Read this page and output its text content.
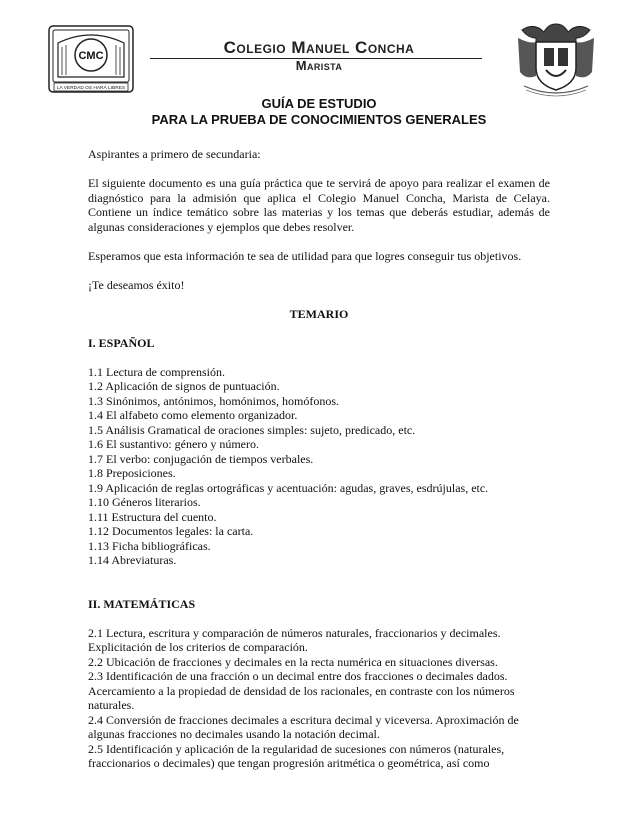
CMC
LA VERDAD OS HARÁ LIBRES
Colegio Manuel Concha
Marista
GUÍA DE ESTUDIO
PARA LA PRUEBA DE CONOCIMIENTOS GENERALES

Aspirantes a primero de secundaria:

El siguiente documento es una guía práctica que te servirá de apoyo para realizar el examen de diagnóstico para la admisión que aplica el Colegio Manuel Concha, Marista de Celaya. Contiene un índice temático sobre las materias y los temas que deberás estudiar, además de algunas consideraciones y ejemplos que debes resolver.

Esperamos que esta información te sea de utilidad para que logres conseguir tus objetivos.

¡Te deseamos éxito!

TEMARIO

I. ESPAÑOL

1.1 Lectura de comprensión.

1.2 Aplicación de signos de puntuación.

1.3 Sinónimos, antónimos, homónimos, homófonos.

1.4 El alfabeto como elemento organizador.

1.5 Análisis Gramatical de oraciones simples: sujeto, predicado, etc.

1.6 El sustantivo: género y número.

1.7 El verbo: conjugación de tiempos verbales.

1.8 Preposiciones.

1.9 Aplicación de reglas ortográficas y acentuación: agudas, graves, esdrújulas, etc.

1.10 Géneros literarios.

1.11 Estructura del cuento.

1.12 Documentos legales: la carta.

1.13 Ficha bibliográficas.

1.14 Abreviaturas.

II. MATEMÁTICAS

2.1 Lectura, escritura y comparación de números naturales, fraccionarios y decimales. Explicitación de los criterios de comparación.

2.2 Ubicación de fracciones y decimales en la recta numérica en situaciones diversas.

2.3 Identificación de una fracción o un decimal entre dos fracciones o decimales dados. Acercamiento a la propiedad de densidad de los racionales, en contraste con los números naturales.

2.4 Conversión de fracciones decimales a escritura decimal y viceversa. Aproximación de algunas fracciones no decimales usando la notación decimal.

2.5 Identificación y aplicación de la regularidad de sucesiones con números (naturales, fraccionarios o decimales) que tengan progresión aritmética o geométrica, así como
